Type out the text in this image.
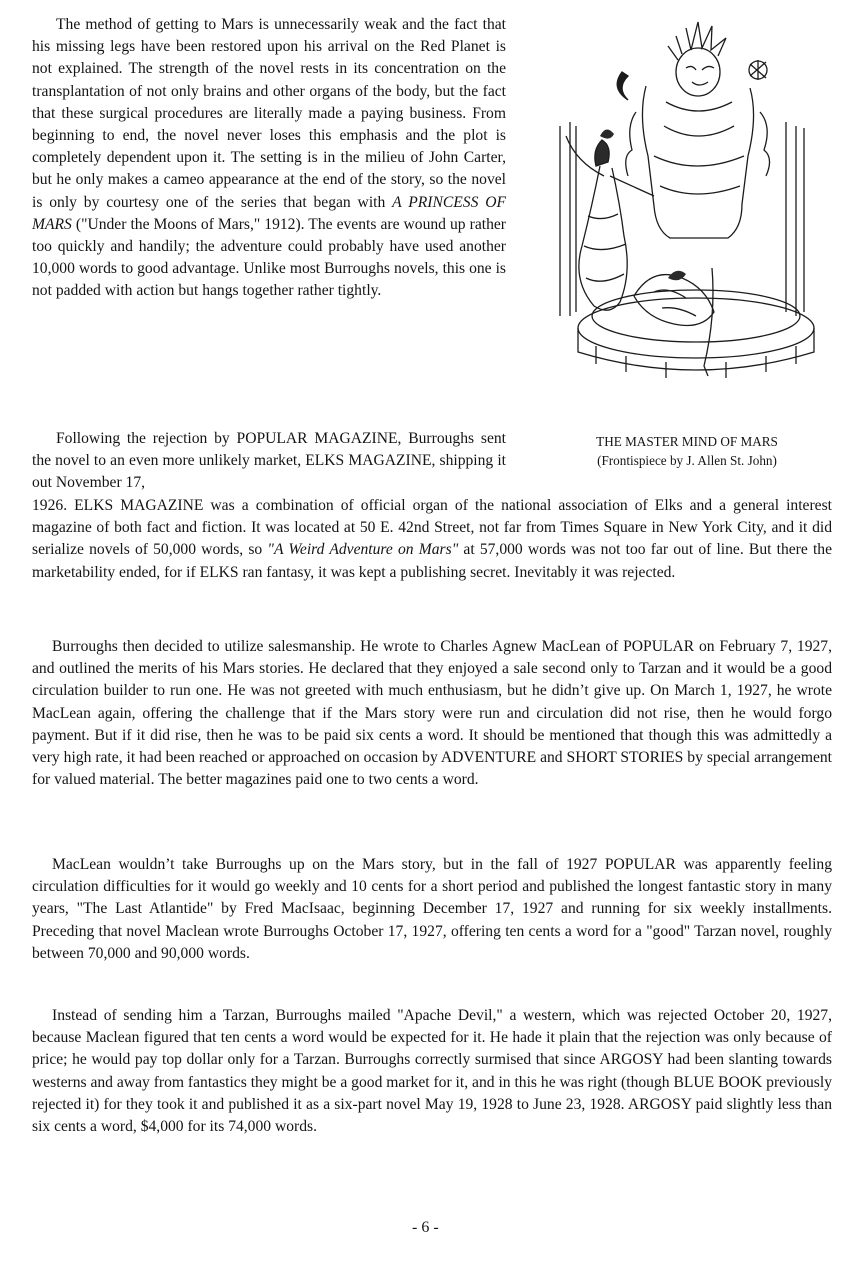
The method of getting to Mars is unnecessarily weak and the fact that his missing legs have been restored upon his arrival on the Red Planet is not explained. The strength of the novel rests in its concentration on the transplantation of not only brains and other organs of the body, but the fact that these surgical procedures are literally made a paying business. From beginning to end, the novel never loses this emphasis and the plot is completely dependent upon it. The setting is in the milieu of John Carter, but he only makes a cameo appearance at the end of the story, so the novel is only by courtesy one of the series that began with A PRINCESS OF MARS ("Under the Moons of Mars," 1912). The events are wound up rather too quickly and handily; the adventure could probably have used another 10,000 words to good advantage. Unlike most Burroughs novels, this one is not padded with action but hangs together rather tightly.

THE MASTER MIND OF MARS
(Frontispiece by J. Allen St. John)

Following the rejection by POPULAR MAGAZINE, Burroughs sent the novel to an even more unlikely market, ELKS MAGAZINE, shipping it out November 17,

1926. ELKS MAGAZINE was a combination of official organ of the national association of Elks and a general interest magazine of both fact and fiction. It was located at 50 E. 42nd Street, not far from Times Square in New York City, and it did serialize novels of 50,000 words, so "A Weird Adventure on Mars" at 57,000 words was not too far out of line. But there the marketability ended, for if ELKS ran fantasy, it was kept a publishing secret. Inevitably it was rejected.

Burroughs then decided to utilize salesmanship. He wrote to Charles Agnew MacLean of POPULAR on February 7, 1927, and outlined the merits of his Mars stories. He declared that they enjoyed a sale second only to Tarzan and it would be a good circulation builder to run one. He was not greeted with much enthusiasm, but he didn’t give up. On March 1, 1927, he wrote MacLean again, offering the challenge that if the Mars story were run and circulation did not rise, then he would forgo payment. But if it did rise, then he was to be paid six cents a word. It should be mentioned that though this was admittedly a very high rate, it had been reached or approached on occasion by ADVENTURE and SHORT STORIES by special arrangement for valued material. The better magazines paid one to two cents a word.

MacLean wouldn’t take Burroughs up on the Mars story, but in the fall of 1927 POPULAR was apparently feeling circulation difficulties for it would go weekly and 10 cents for a short period and published the longest fantastic story in many years, "The Last Atlantide" by Fred MacIsaac, beginning December 17, 1927 and running for six weekly installments. Preceding that novel Maclean wrote Burroughs October 17, 1927, offering ten cents a word for a "good" Tarzan novel, roughly between 70,000 and 90,000 words.

Instead of sending him a Tarzan, Burroughs mailed "Apache Devil," a western, which was rejected October 20, 1927, because Maclean figured that ten cents a word would be expected for it. He hade it plain that the rejection was only because of price; he would pay top dollar only for a Tarzan. Burroughs correctly surmised that since ARGOSY had been slanting towards westerns and away from fantastics they might be a good market for it, and in this he was right (though BLUE BOOK previously rejected it) for they took it and published it as a six-part novel May 19, 1928 to June 23, 1928. ARGOSY paid slightly less than six cents a word, $4,000 for its 74,000 words.

- 6 -
